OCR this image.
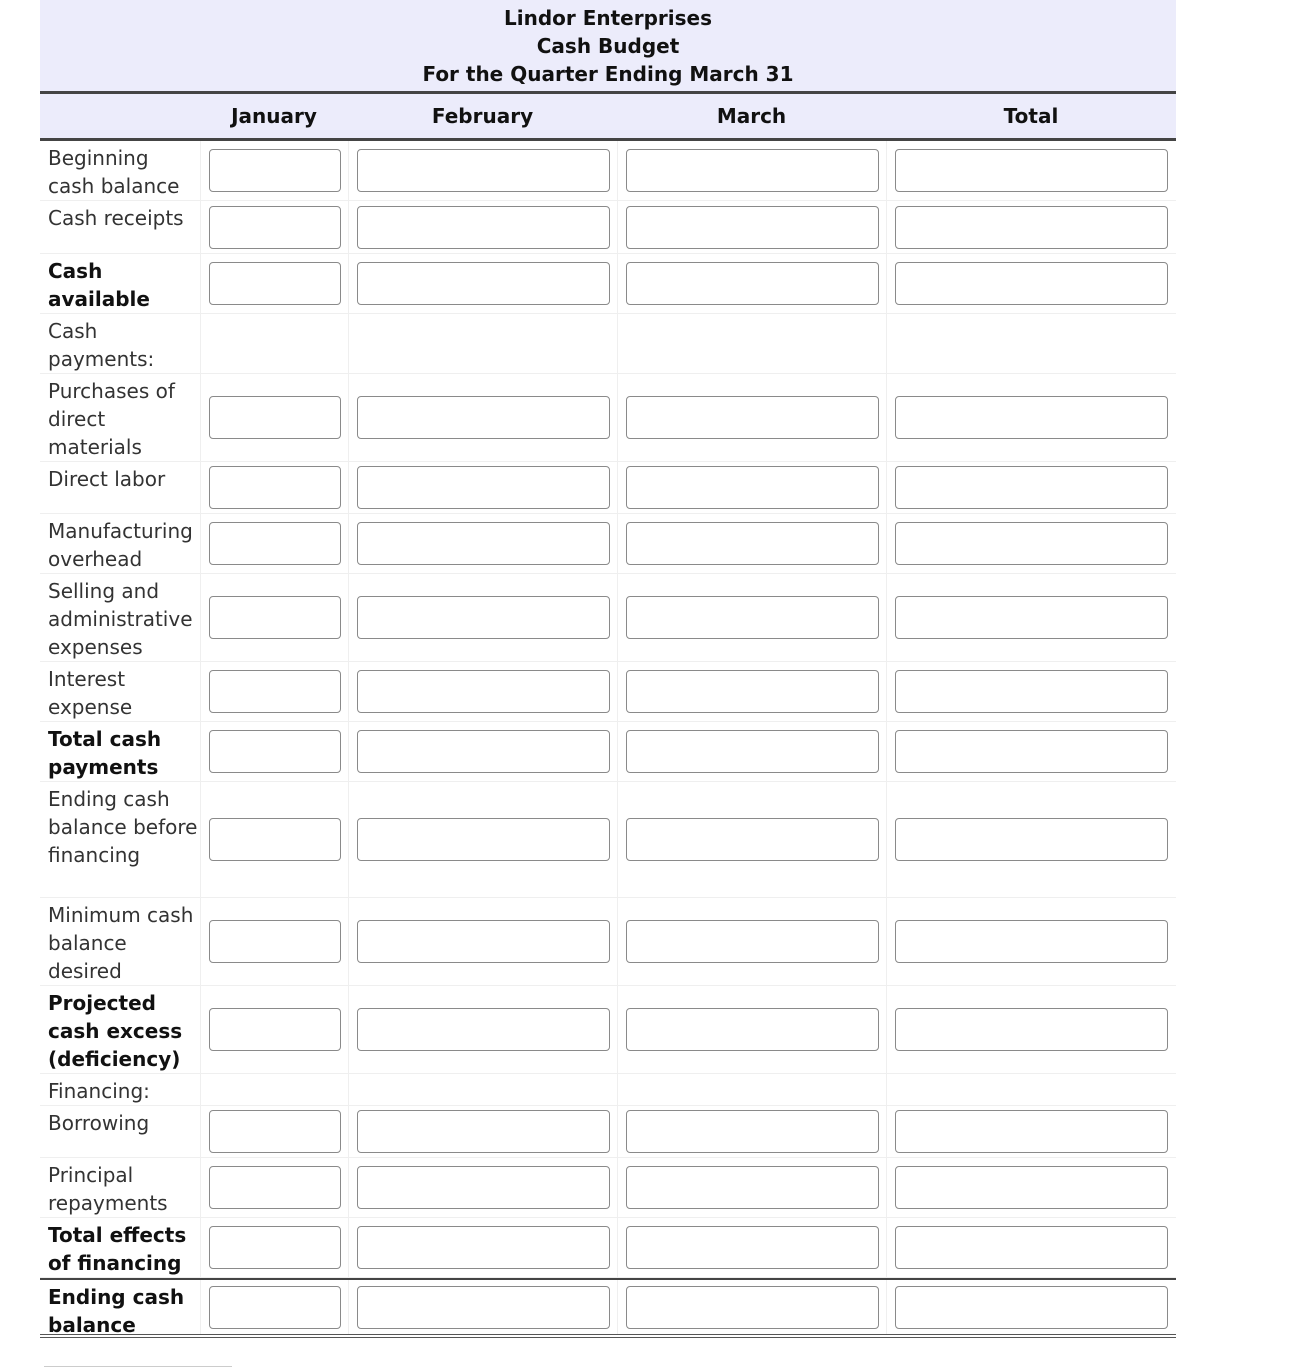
Lindor Enterprises
Cash Budget
For the Quarter Ending March 31
January	February	March	Total
Beginning cash balance
Cash receipts
Cash available
Cash payments:
Purchases of direct materials
Direct labor
Manufacturing overhead
Selling and administrative expenses
Interest expense
Total cash payments
Ending cash balance before financing
Minimum cash balance desired
Projected cash excess (deficiency)
Financing:
Borrowing
Principal repayments
Total effects of financing
Ending cash balance
